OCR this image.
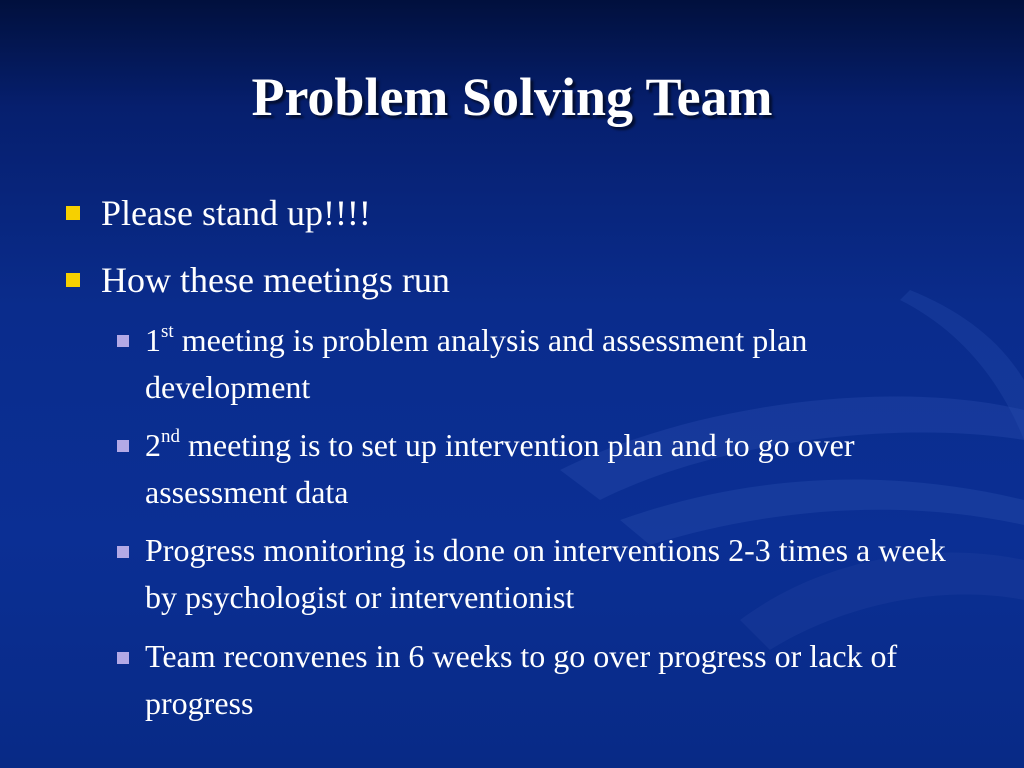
Problem Solving Team
Please stand up!!!!
How these meetings run
1st meeting is problem analysis and assessment plan development
2nd meeting is to set up intervention plan and to go over assessment data
Progress monitoring is done on interventions 2-3 times a week by psychologist or interventionist
Team reconvenes in 6 weeks to go over progress or lack of progress
